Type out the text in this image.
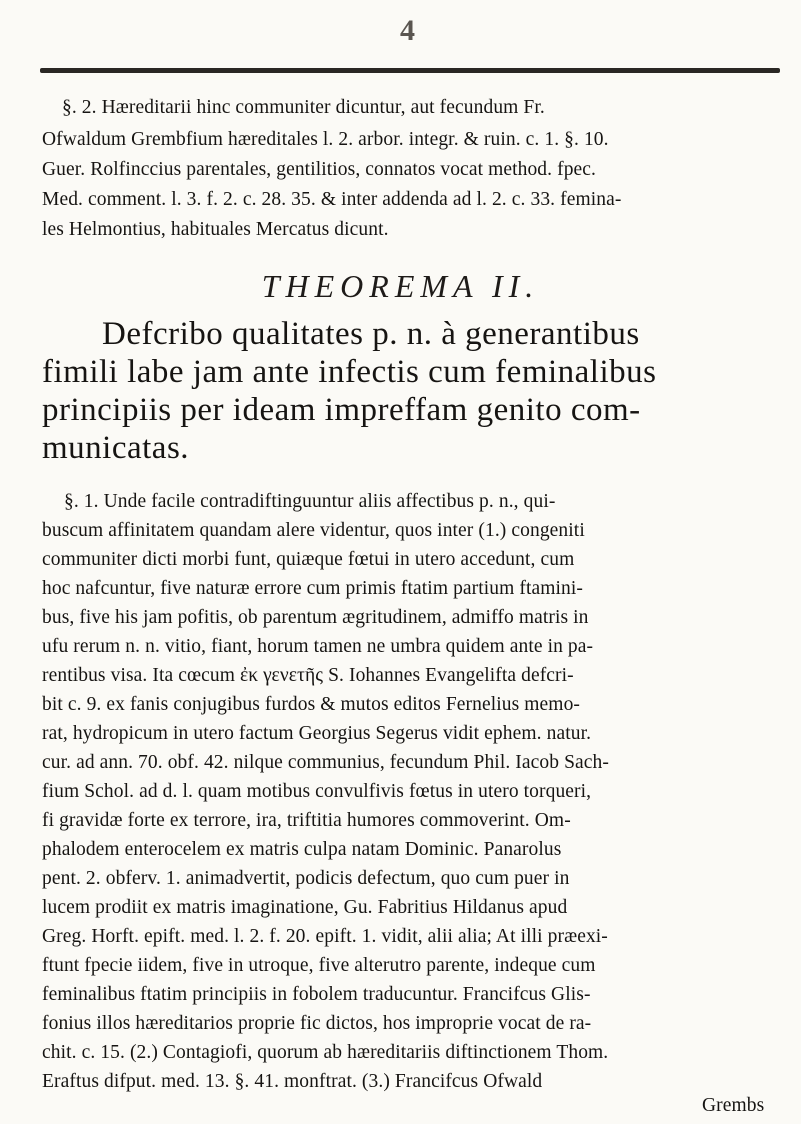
4
§. 2. Hæreditarii hinc communiter dicuntur, aut fecundum Fr.
Ofwaldum Grembfium hæreditales l. 2. arbor. integr. & ruin. c. 1. §. 10.
Guer. Rolfinccius parentales, gentilitios, connatos vocat method. fpec.
Med. comment. l. 3. f. 2. c. 28. 35. & inter addenda ad l. 2. c. 33. femina-
les Helmontius, habituales Mercatus dicunt.
THEOREMA II.
Defcribo qualitates p. n. à generantibus
fimili labe jam ante infectis cum feminalibus
principiis per ideam impreffam genito com-
municatas.
§. 1. Unde facile contradiftinguuntur aliis affectibus p. n., qui-
buscum affinitatem quandam alere videntur, quos inter (1.) congeniti
communiter dicti morbi funt, quiæque fœtui in utero accedunt, cum
hoc nafcuntur, five naturæ errore cum primis ftatim partium ftamini-
bus, five his jam pofitis, ob parentum ægritudinem, admiffo matris in
ufu rerum n. n. vitio, fiant, horum tamen ne umbra quidem ante in pa-
rentibus visa. Ita cœcum ἐκ γενετῆς S. Iohannes Evangelifta defcri-
bit c. 9. ex fanis conjugibus furdos & mutos editos Fernelius memo-
rat, hydropicum in utero factum Georgius Segerus vidit ephem. natur.
cur. ad ann. 70. obf. 42. nilque communius, fecundum Phil. Iacob Sach-
fium Schol. ad d. l. quam motibus convulfivis fœtus in utero torqueri,
fi gravidæ forte ex terrore, ira, triftitia humores commoverint. Om-
phalodem enterocelem ex matris culpa natam Dominic. Panarolus
pent. 2. obferv. 1. animadvertit, podicis defectum, quo cum puer in
lucem prodiit ex matris imaginatione, Gu. Fabritius Hildanus apud
Greg. Horft. epift. med. l. 2. f. 20. epift. 1. vidit, alii alia; At illi præexi-
ftunt fpecie iidem, five in utroque, five alterutro parente, indeque cum
feminalibus ftatim principiis in fobolem traducuntur. Francifcus Glis-
fonius illos hæreditarios proprie fic dictos, hos improprie vocat de ra-
chit. c. 15. (2.) Contagiofi, quorum ab hæreditariis diftinctionem Thom.
Eraftus difput. med. 13. §. 41. monftrat. (3.) Francifcus Ofwald
Grembs
